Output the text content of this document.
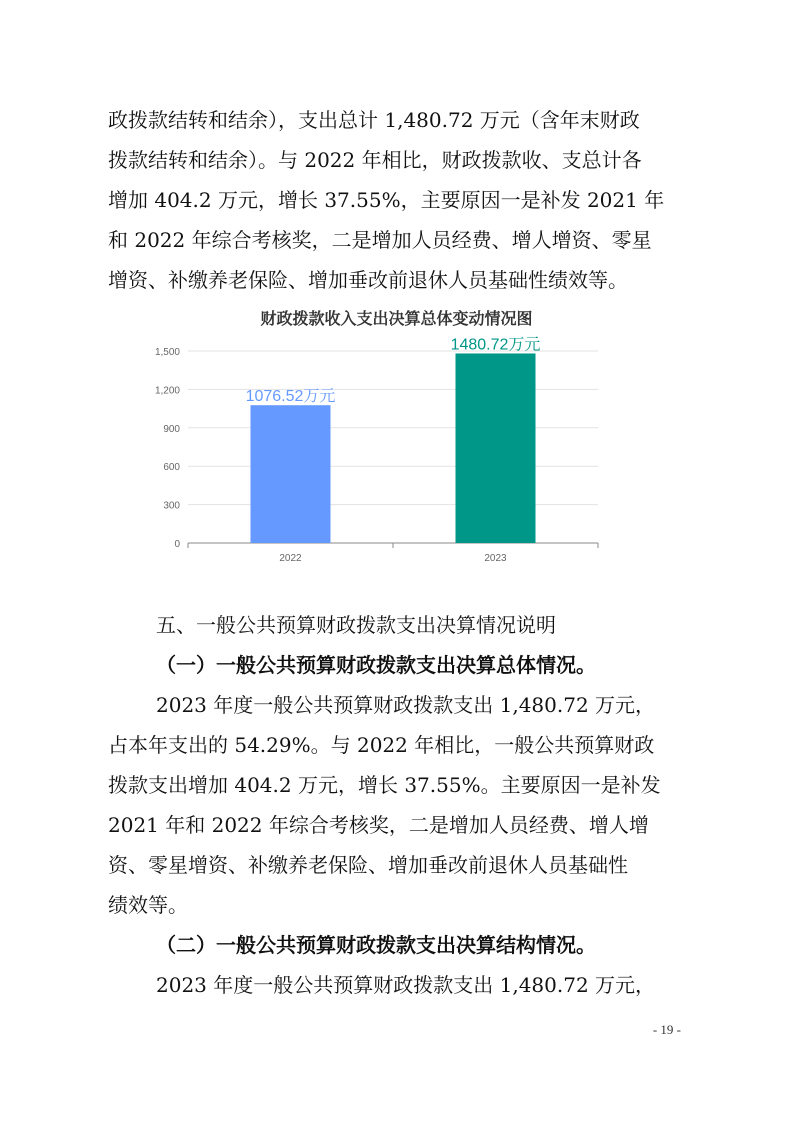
政拨款结转和结余），支出总计 1,480.72 万元（含年末财政
拨款结转和结余）。与 2022 年相比，财政拨款收、支总计各
增加 404.2 万元，增长 37.55%，主要原因一是补发 2021 年
和 2022 年综合考核奖，二是增加人员经费、增人增资、零星
增资、补缴养老保险、增加垂改前退休人员基础性绩效等。
财政拨款收入支出决算总体变动情况图
0
300
600
900
1,200
1,500
1076.52万元
2022
1480.72万元
2023
五、一般公共预算财政拨款支出决算情况说明
（一）一般公共预算财政拨款支出决算总体情况。
2023 年度一般公共预算财政拨款支出 1,480.72 万元，
占本年支出的 54.29%。与 2022 年相比，一般公共预算财政
拨款支出增加 404.2 万元，增长 37.55%。主要原因一是补发
2021 年和 2022 年综合考核奖，二是增加人员经费、增人增
资、零星增资、补缴养老保险、增加垂改前退休人员基础性
绩效等。
（二）一般公共预算财政拨款支出决算结构情况。
2023 年度一般公共预算财政拨款支出 1,480.72 万元，
- 19 -
